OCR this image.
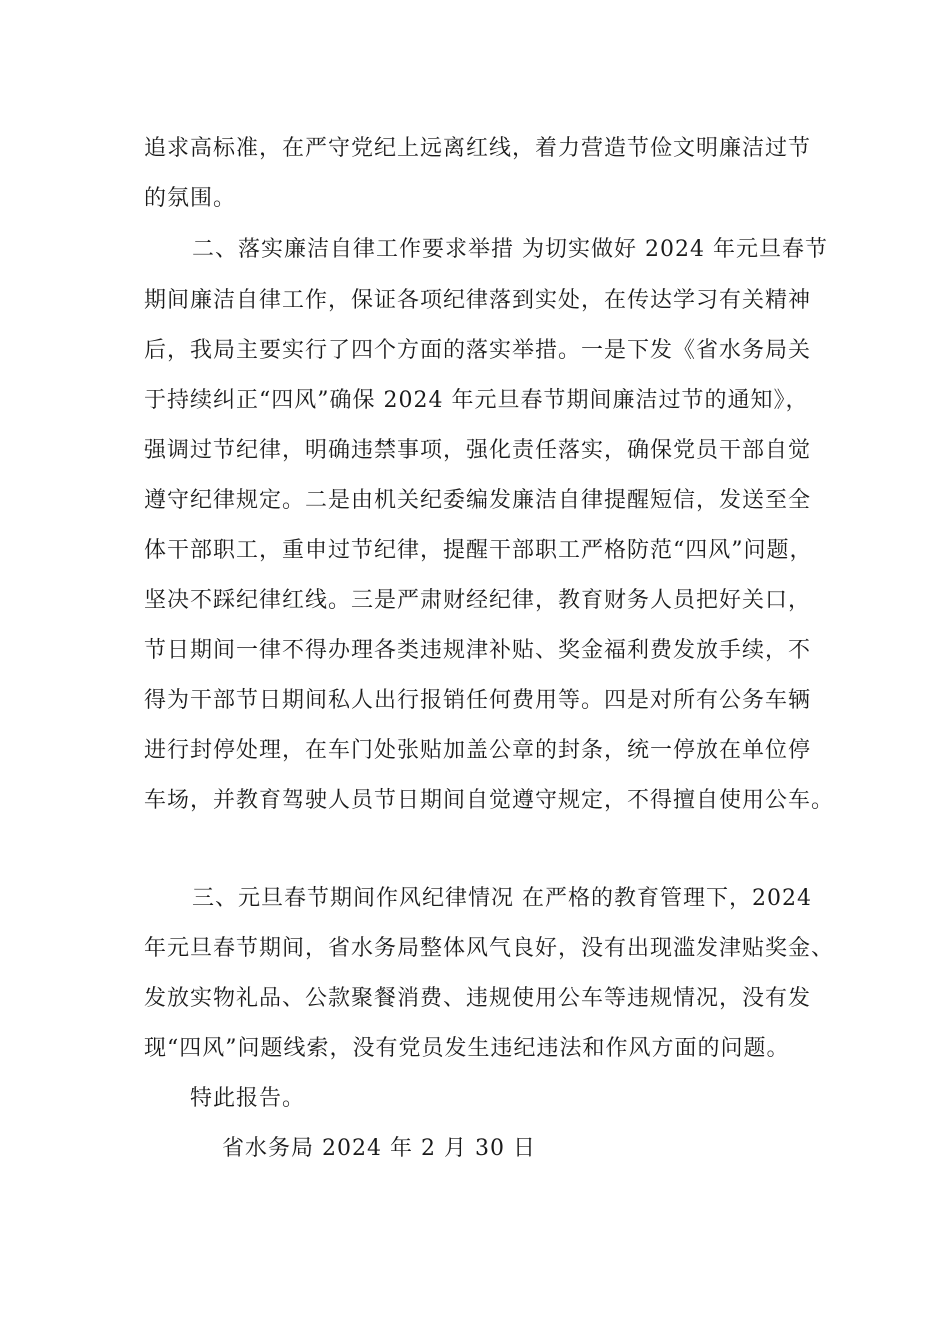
追求高标准，在严守党纪上远离红线，着力营造节俭文明廉洁过节
的氛围。
二、落实廉洁自律工作要求举措 为切实做好 2024 年元旦春节
期间廉洁自律工作，保证各项纪律落到实处，在传达学习有关精神
后，我局主要实行了四个方面的落实举措。一是下发《省水务局关
于持续纠正“四风”确保 2024 年元旦春节期间廉洁过节的通知》，
强调过节纪律，明确违禁事项，强化责任落实，确保党员干部自觉
遵守纪律规定。二是由机关纪委编发廉洁自律提醒短信，发送至全
体干部职工，重申过节纪律，提醒干部职工严格防范“四风”问题，
坚决不踩纪律红线。三是严肃财经纪律，教育财务人员把好关口，
节日期间一律不得办理各类违规津补贴、奖金福利费发放手续，不
得为干部节日期间私人出行报销任何费用等。四是对所有公务车辆
进行封停处理，在车门处张贴加盖公章的封条，统一停放在单位停
车场，并教育驾驶人员节日期间自觉遵守规定，不得擅自使用公车。
三、元旦春节期间作风纪律情况 在严格的教育管理下，2024
年元旦春节期间，省水务局整体风气良好，没有出现滥发津贴奖金、
发放实物礼品、公款聚餐消费、违规使用公车等违规情况，没有发
现“四风”问题线索，没有党员发生违纪违法和作风方面的问题。
特此报告。
省水务局 2024 年 2 月 30 日
